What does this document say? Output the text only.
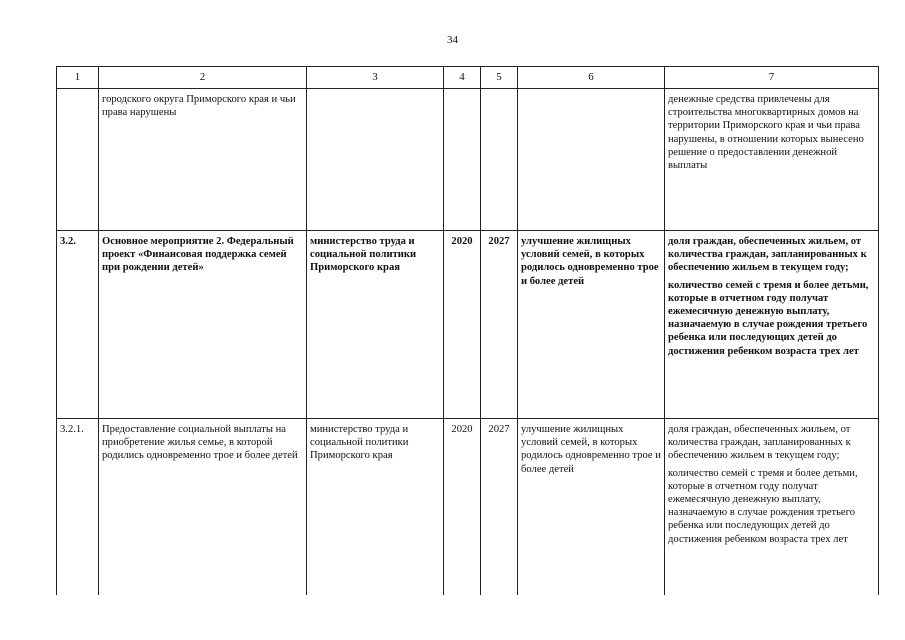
34
1	2	3	4	5	6	7
	городского округа Приморского края и чьи права нарушены					денежные средства привлечены для строительства многоквартирных домов на территории Приморского края и чьи права нарушены, в отношении которых вынесено решение о предоставлении денежной выплаты
3.2.	Основное мероприятие 2. Федеральный проект «Финансовая поддержка семей при рождении детей»	министерство труда и социальной политики Приморского края	2020	2027	улучшение жилищных условий семей, в которых родилось одновременно трое и более детей	доля граждан, обеспеченных жильем, от количества граждан, запланированных к обеспечению жильем в текущем году;
количество семей с тремя и более детьми, которые в отчетном году получат ежемесячную денежную выплату, назначаемую в случае рождения третьего ребенка или последующих детей до достижения ребенком возраста трех лет

3.2.1.	Предоставление социальной выплаты на приобретение жилья семье, в которой родились одновременно трое и более детей	министерство труда и социальной политики Приморского края	2020	2027	улучшение жилищных условий семей, в которых родилось одновременно трое и более детей	доля граждан, обеспеченных жильем, от количества граждан, запланированных к обеспечению жильем в текущем году;
количество семей с тремя и более детьми, которые в отчетном году получат ежемесячную денежную выплату, назначаемую в случае рождения третьего ребенка или последующих детей до достижения ребенком возраста трех лет
